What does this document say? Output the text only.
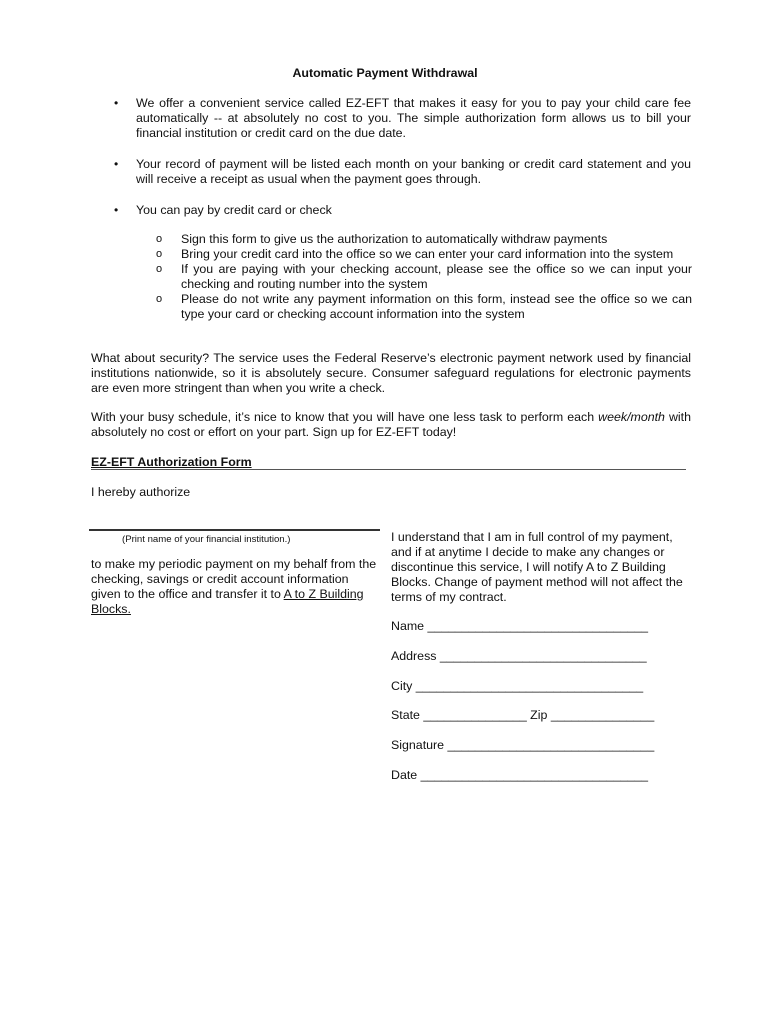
Automatic Payment Withdrawal
• We offer a convenient service called EZ-EFT that makes it easy for you to pay your child care fee automatically -- at absolutely no cost to you. The simple authorization form allows us to bill your financial institution or credit card on the due date.
• Your record of payment will be listed each month on your banking or credit card statement and you will receive a receipt as usual when the payment goes through.
• You can pay by credit card or check
o Sign this form to give us the authorization to automatically withdraw payments
o Bring your credit card into the office so we can enter your card information into the system
o If you are paying with your checking account, please see the office so we can input your checking and routing number into the system
o Please do not write any payment information on this form, instead see the office so we can type your card or checking account information into the system
What about security? The service uses the Federal Reserve’s electronic payment network used by financial institutions nationwide, so it is absolutely secure. Consumer safeguard regulations for electronic payments are even more stringent than when you write a check.
With your busy schedule, it’s nice to know that you will have one less task to perform each week/month with absolutely no cost or effort on your part. Sign up for EZ-EFT today!
EZ-EFT Authorization Form
I hereby authorize
(Print name of your financial institution.)
to make my periodic payment on my behalf from the checking, savings or credit account information given to the office and transfer it to A to Z Building Blocks.
I understand that I am in full control of my payment, and if at anytime I decide to make any changes or discontinue this service, I will notify A to Z Building Blocks. Change of payment method will not affect the terms of my contract.
Name ________________________________
Address ______________________________
City _________________________________
State _______________ Zip _______________
Signature ______________________________
Date _________________________________
